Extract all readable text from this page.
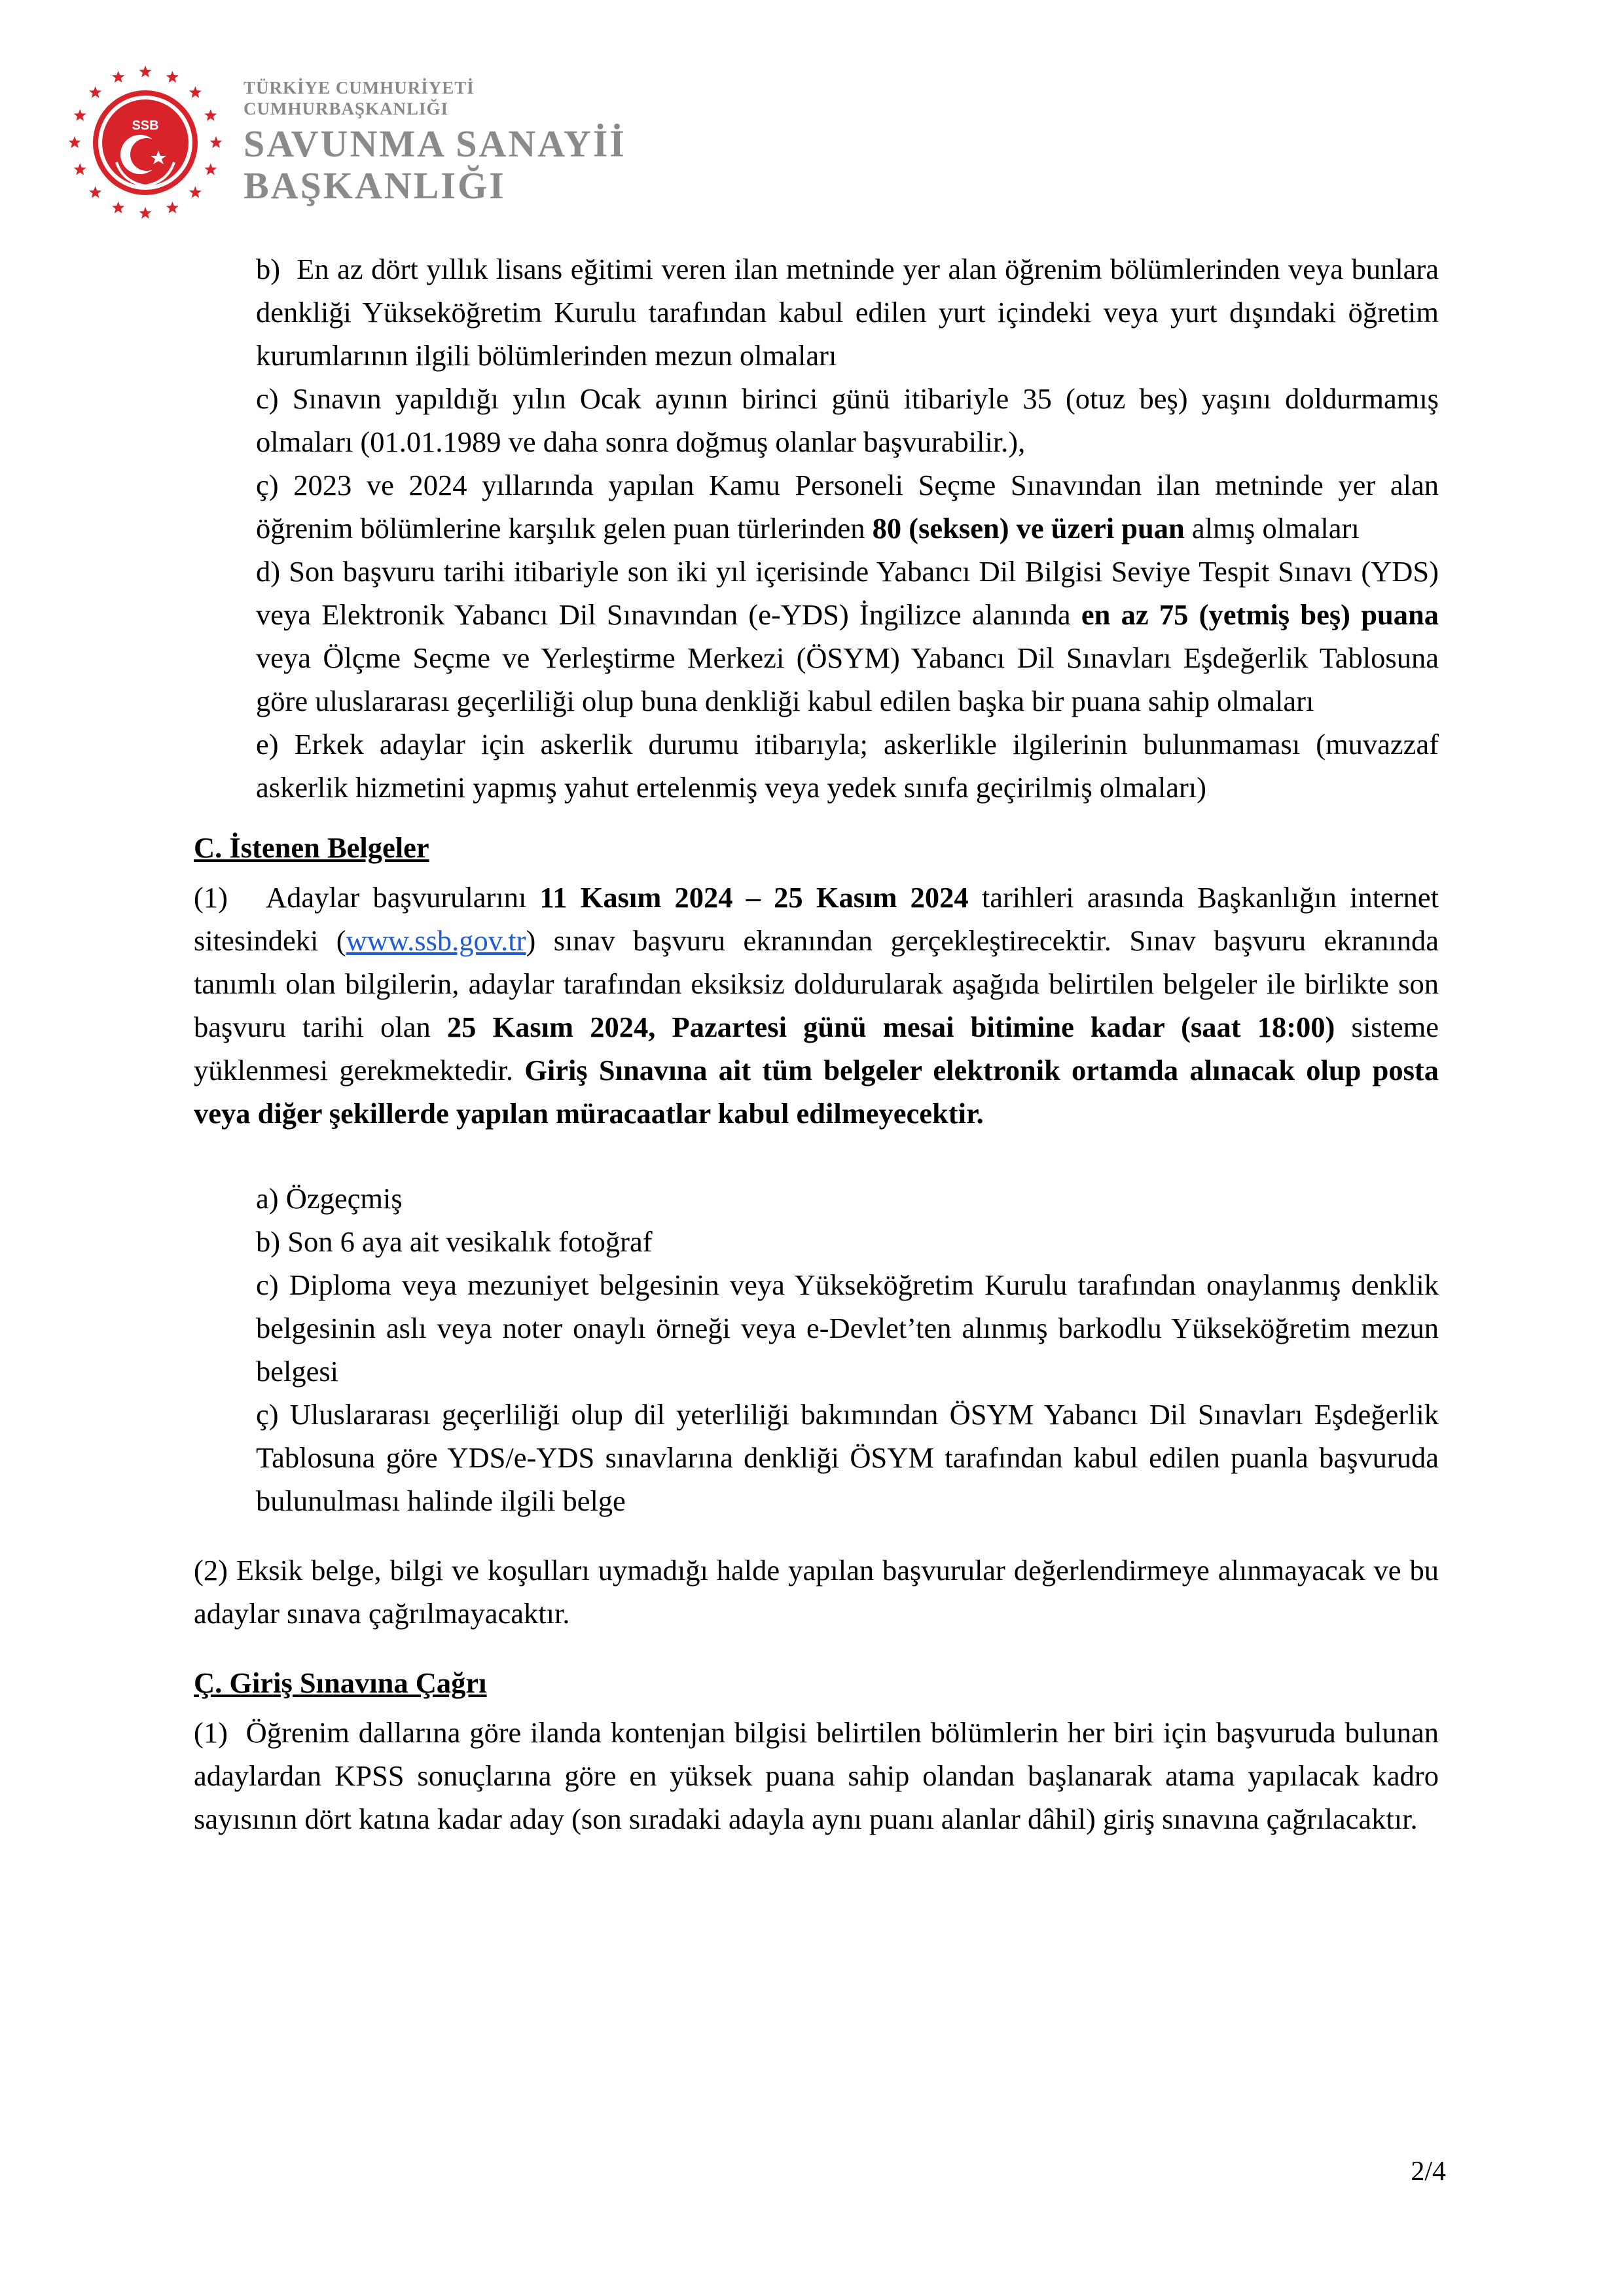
SSB
TÜRKİYE CUMHURİYETİ
CUMHURBAŞKANLIĞI
SAVUNMA SANAYİİ
BAŞKANLIĞI

b) En az dört yıllık lisans eğitimi veren ilan metninde yer alan öğrenim bölümlerinden veya bunlara denkliği Yükseköğretim Kurulu tarafından kabul edilen yurt içindeki veya yurt dışındaki öğretim kurumlarının ilgili bölümlerinden mezun olmaları

c) Sınavın yapıldığı yılın Ocak ayının birinci günü itibariyle 35 (otuz beş) yaşını doldurmamış olmaları (01.01.1989 ve daha sonra doğmuş olanlar başvurabilir.),

ç) 2023 ve 2024 yıllarında yapılan Kamu Personeli Seçme Sınavından ilan metninde yer alan öğrenim bölümlerine karşılık gelen puan türlerinden 80 (seksen) ve üzeri puan almış olmaları

d) Son başvuru tarihi itibariyle son iki yıl içerisinde Yabancı Dil Bilgisi Seviye Tespit Sınavı (YDS) veya Elektronik Yabancı Dil Sınavından (e-YDS) İngilizce alanında en az 75 (yetmiş beş) puana veya Ölçme Seçme ve Yerleştirme Merkezi (ÖSYM) Yabancı Dil Sınavları Eşdeğerlik Tablosuna göre uluslararası geçerliliği olup buna denkliği kabul edilen başka bir puana sahip olmaları

e) Erkek adaylar için askerlik durumu itibarıyla; askerlikle ilgilerinin bulunmaması (muvazzaf askerlik hizmetini yapmış yahut ertelenmiş veya yedek sınıfa geçirilmiş olmaları)

C. İstenen Belgeler

(1)   Adaylar başvurularını 11 Kasım 2024 – 25 Kasım 2024 tarihleri arasında Başkanlığın internet sitesindeki (www.ssb.gov.tr) sınav başvuru ekranından gerçekleştirecektir. Sınav başvuru ekranında tanımlı olan bilgilerin, adaylar tarafından eksiksiz doldurularak aşağıda belirtilen belgeler ile birlikte son başvuru tarihi olan 25 Kasım 2024, Pazartesi günü mesai bitimine kadar (saat 18:00) sisteme yüklenmesi gerekmektedir. Giriş Sınavına ait tüm belgeler elektronik ortamda alınacak olup posta veya diğer şekillerde yapılan müracaatlar kabul edilmeyecektir.

a) Özgeçmiş

b) Son 6 aya ait vesikalık fotoğraf

c) Diploma veya mezuniyet belgesinin veya Yükseköğretim Kurulu tarafından onaylanmış denklik belgesinin aslı veya noter onaylı örneği veya e-Devlet’ten alınmış barkodlu Yükseköğretim mezun belgesi

ç) Uluslararası geçerliliği olup dil yeterliliği bakımından ÖSYM Yabancı Dil Sınavları Eşdeğerlik Tablosuna göre YDS/e-YDS sınavlarına denkliği ÖSYM tarafından kabul edilen puanla başvuruda bulunulması halinde ilgili belge

(2) Eksik belge, bilgi ve koşulları uymadığı halde yapılan başvurular değerlendirmeye alınmayacak ve bu adaylar sınava çağrılmayacaktır.

Ç. Giriş Sınavına Çağrı

(1) Öğrenim dallarına göre ilanda kontenjan bilgisi belirtilen bölümlerin her biri için başvuruda bulunan adaylardan KPSS sonuçlarına göre en yüksek puana sahip olandan başlanarak atama yapılacak kadro sayısının dört katına kadar aday (son sıradaki adayla aynı puanı alanlar dâhil) giriş sınavına çağrılacaktır.

2/4
